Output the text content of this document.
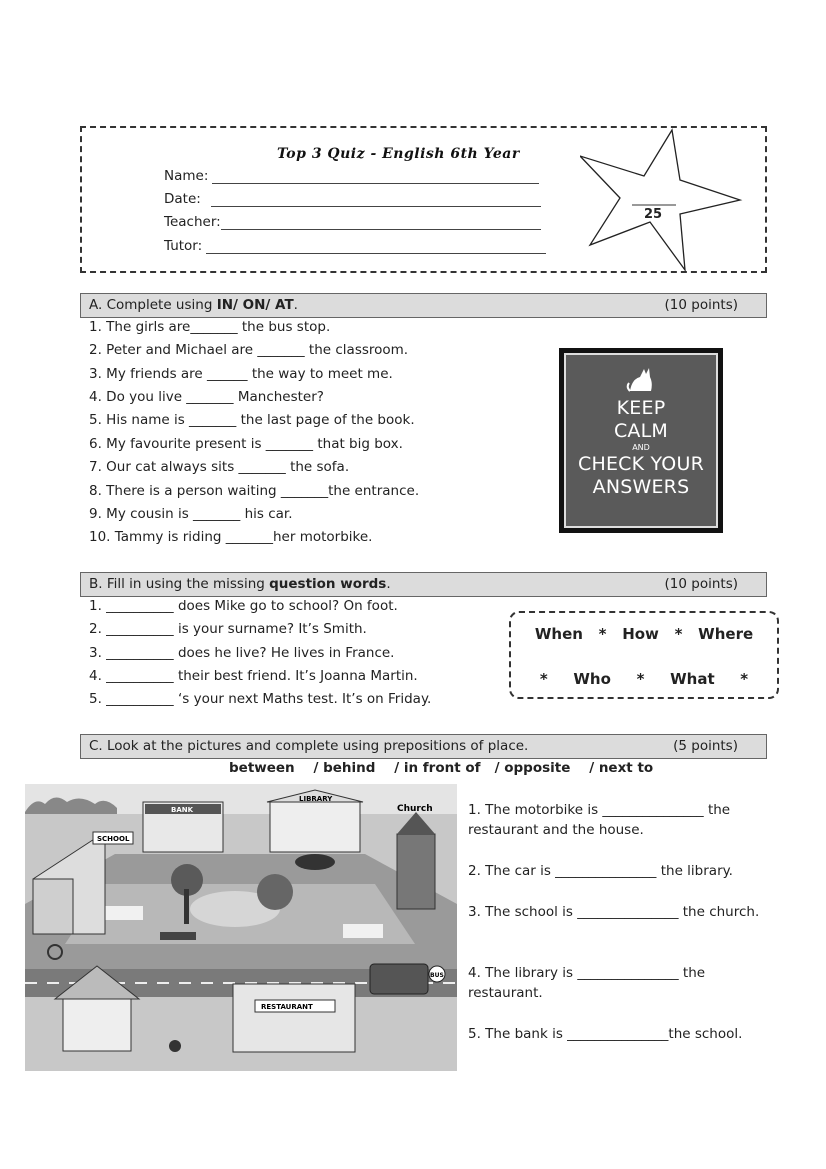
Top 3 Quiz - English 6th Year
Name:
Date:
Teacher:
Tutor:
25
A. Complete using IN/ ON/ AT.	(10 points)
1. The girls are_______ the bus stop.
2. Peter and Michael are _______ the classroom.
3. My friends are ______ the way to meet me.
4. Do you live _______ Manchester?
5. His name is _______ the last page of the book.
6. My favourite present is _______ that big box.
7. Our cat always sits _______ the sofa.
8. There is a person waiting _______the entrance.
9. My cousin is _______ his car.
10. Tammy is riding _______her motorbike.
KEEP
CALM
AND
CHECK YOUR
ANSWERS
B. Fill in using the missing question words.	(10 points)
1. __________ does Mike go to school? On foot.
2. __________ is your surname? It’s Smith.
3. __________ does he live? He lives in France.
4. __________ their best friend. It’s Joanna Martin.
5. __________ ‘s your next Maths test. It’s on Friday.
When * How * Where
* Who * What *
C. Look at the pictures and complete using prepositions of place.	(5 points)
between    / behind    / in front of   / opposite    / next to
SCHOOL
BANK
LIBRARY
Church
RESTAURANT
BUS
1. The motorbike is _______________ the restaurant and the house.
2. The car is _______________ the library.
3. The school is _______________ the church.
4. The library is _______________ the restaurant.
5. The bank is _______________the school.
